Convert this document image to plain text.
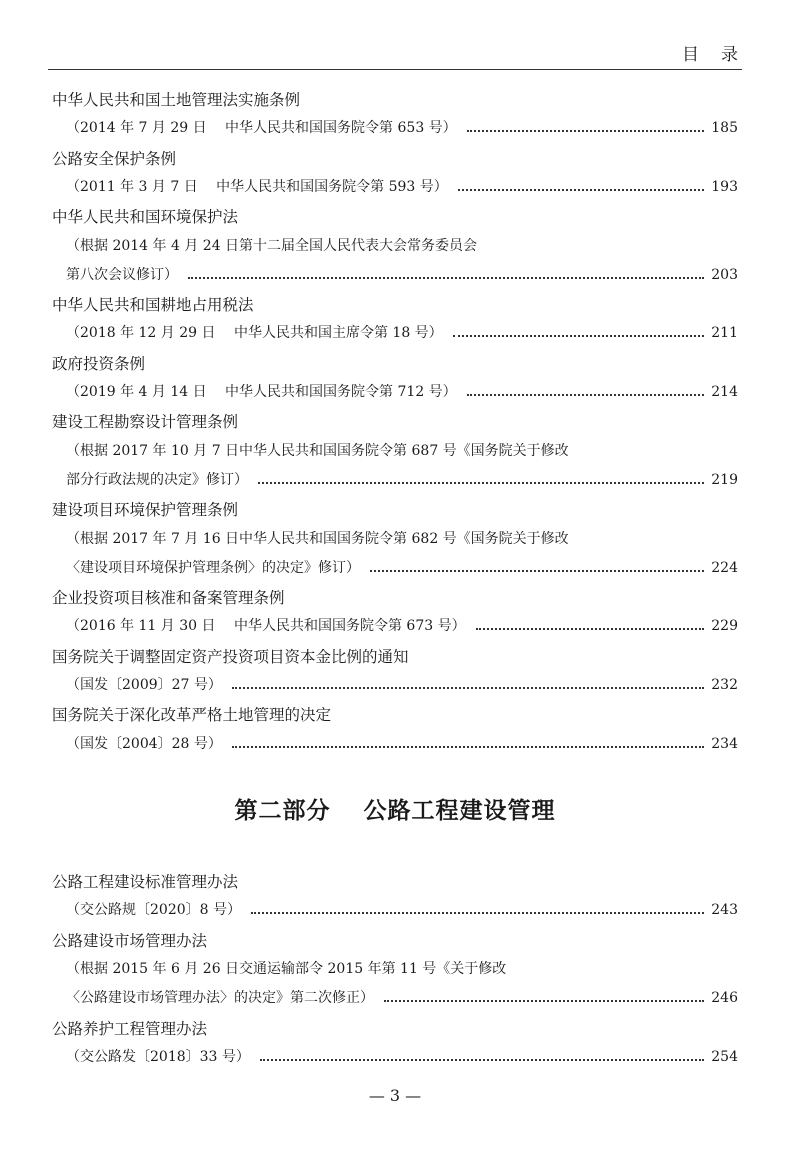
目录
中华人民共和国土地管理法实施条例
（2014 年 7 月 29 日　 中华人民共和国国务院令第 653 号）	185
公路安全保护条例
（2011 年 3 月 7 日　 中华人民共和国国务院令第 593 号）	193
中华人民共和国环境保护法
（根据 2014 年 4 月 24 日第十二届全国人民代表大会常务委员会
第八次会议修订）	203
中华人民共和国耕地占用税法
（2018 年 12 月 29 日　 中华人民共和国主席令第 18 号）	211
政府投资条例
（2019 年 4 月 14 日　 中华人民共和国国务院令第 712 号）	214
建设工程勘察设计管理条例
（根据 2017 年 10 月 7 日中华人民共和国国务院令第 687 号《国务院关于修改
部分行政法规的决定》修订）	219
建设项目环境保护管理条例
（根据 2017 年 7 月 16 日中华人民共和国国务院令第 682 号《国务院关于修改
〈建设项目环境保护管理条例〉的决定》修订）	224
企业投资项目核准和备案管理条例
（2016 年 11 月 30 日　 中华人民共和国国务院令第 673 号）	229
国务院关于调整固定资产投资项目资本金比例的通知
（国发〔2009〕27 号）	232
国务院关于深化改革严格土地管理的决定
（国发〔2004〕28 号）	234
第二部分　 公路工程建设管理
公路工程建设标准管理办法
（交公路规〔2020〕8 号）	243
公路建设市场管理办法
（根据 2015 年 6 月 26 日交通运输部令 2015 年第 11 号《关于修改
〈公路建设市场管理办法〉的决定》第二次修正）	246
公路养护工程管理办法
（交公路发〔2018〕33 号）	254
— 3 —
